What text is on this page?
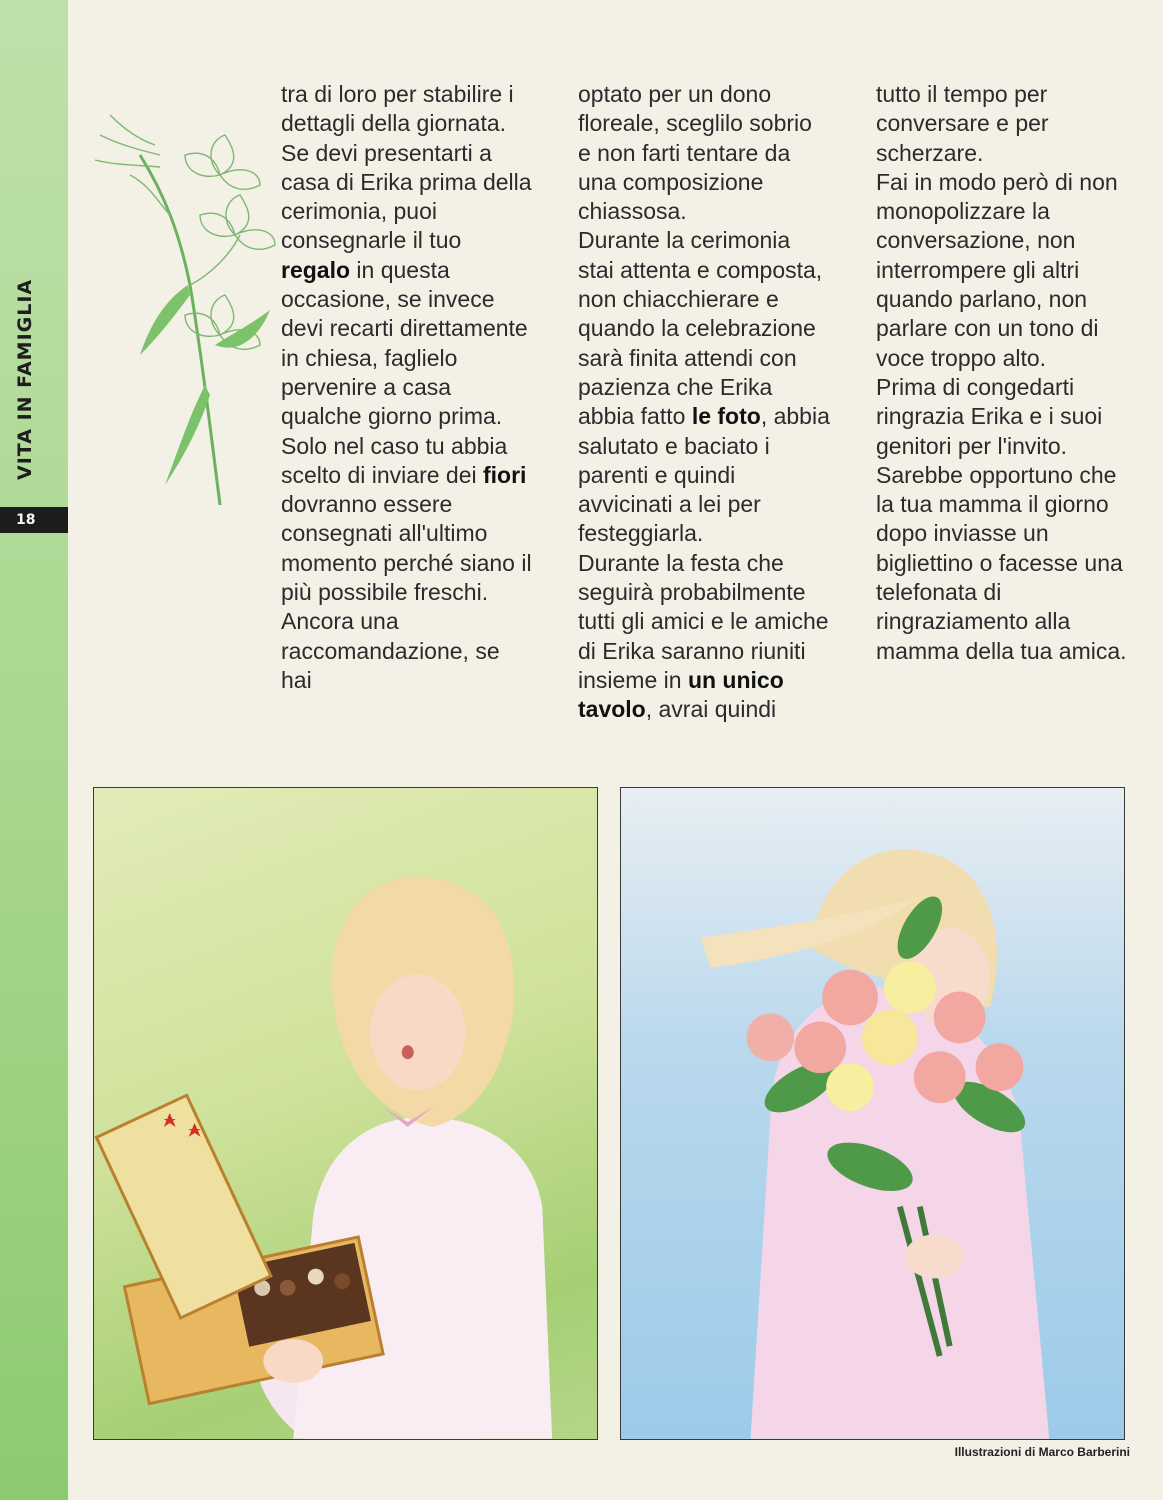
18

tra di loro per stabilire i dettagli della giornata.

Se devi presentarti a casa di Erika prima della cerimonia, puoi consegnarle il tuo regalo in questa occasione, se invece devi recarti direttamente in chiesa, faglielo pervenire a casa qualche giorno prima.

Solo nel caso tu abbia scelto di inviare dei fiori dovranno essere consegnati all'ultimo momento perché siano il più possibile freschi.

Ancora una raccomandazione, se hai

optato per un dono floreale, sceglilo sobrio e non farti tentare da una composizione chiassosa.

Durante la cerimonia stai attenta e composta, non chiacchierare e quando la celebrazione sarà finita attendi con pazienza che Erika abbia fatto le foto, abbia salutato e baciato i parenti e quindi avvicinati a lei per festeggiarla.

Durante la festa che seguirà probabilmente tutti gli amici e le amiche di Erika saranno riuniti insieme in un unico tavolo, avrai quindi

tutto il tempo per conversare e per scherzare.

Fai in modo però di non monopolizzare la conversazione, non interrompere gli altri quando parlano, non parlare con un tono di voce troppo alto.

Prima di congedarti ringrazia Erika e i suoi genitori per l'invito. Sarebbe opportuno che la tua mamma il giorno dopo inviasse un bigliettino o facesse una telefonata di ringraziamento alla mamma della tua amica.

Illustrazioni di Marco Barberini
